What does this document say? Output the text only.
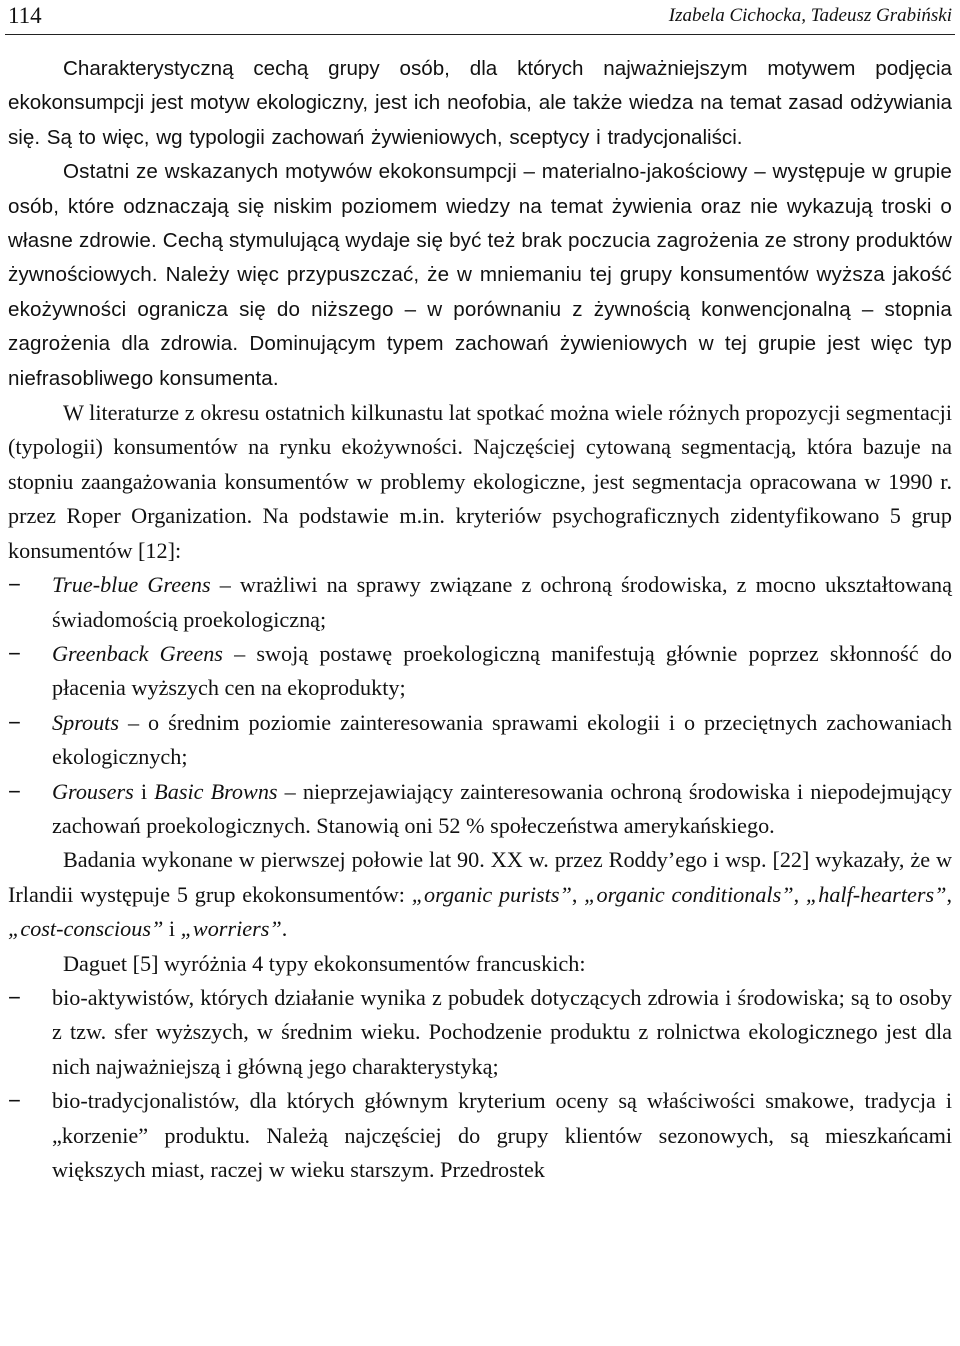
114	Izabela Cichocka, Tadeusz Grabiński

Charakterystyczną cechą grupy osób, dla których najważniejszym motywem podjęcia ekokonsumpcji jest motyw ekologiczny, jest ich neofobia, ale także wiedza na temat zasad odżywiania się. Są to więc, wg typologii zachowań żywieniowych, sceptycy i tradycjonaliści.

Ostatni ze wskazanych motywów ekokonsumpcji – materialno-jakościowy – występuje w grupie osób, które odznaczają się niskim poziomem wiedzy na temat żywienia oraz nie wykazują troski o własne zdrowie. Cechą stymulującą wydaje się być też brak poczucia zagrożenia ze strony produktów żywnościowych. Należy więc przypuszczać, że w mniemaniu tej grupy konsumentów wyższa jakość ekożywności ogranicza się do niższego – w porównaniu z żywnością konwencjonalną – stopnia zagrożenia dla zdrowia. Dominującym typem zachowań żywieniowych w tej grupie jest więc typ niefrasobliwego konsumenta.

W literaturze z okresu ostatnich kilkunastu lat spotkać można wiele różnych propozycji segmentacji (typologii) konsumentów na rynku ekożywności. Najczęściej cytowaną segmentacją, która bazuje na stopniu zaangażowania konsumentów w problemy ekologiczne, jest segmentacja opracowana w 1990 r. przez Roper Organization. Na podstawie m.in. kryteriów psychograficznych zidentyfikowano 5 grup konsumentów [12]:

− True-blue Greens – wrażliwi na sprawy związane z ochroną środowiska, z mocno ukształtowaną świadomością proekologiczną;
− Greenback Greens – swoją postawę proekologiczną manifestują głównie poprzez skłonność do płacenia wyższych cen na ekoprodukty;
− Sprouts – o średnim poziomie zainteresowania sprawami ekologii i o przeciętnych zachowaniach ekologicznych;
− Grousers i Basic Browns – nieprzejawiający zainteresowania ochroną środowiska i niepodejmujący zachowań proekologicznych. Stanowią oni 52 % społeczeństwa amerykańskiego.

Badania wykonane w pierwszej połowie lat 90. XX w. przez Roddy’ego i wsp. [22] wykazały, że w Irlandii występuje 5 grup ekokonsumentów: „organic purists”, „organic conditionals”, „half-hearters”, „cost-conscious” i „worriers”.

Daguet [5] wyróżnia 4 typy ekokonsumentów francuskich:

− bio-aktywistów, których działanie wynika z pobudek dotyczących zdrowia i środowiska; są to osoby z tzw. sfer wyższych, w średnim wieku. Pochodzenie produktu z rolnictwa ekologicznego jest dla nich najważniejszą i główną jego charakterystyką;
− bio-tradycjonalistów, dla których głównym kryterium oceny są właściwości smakowe, tradycja i „korzenie” produktu. Należą najczęściej do grupy klientów sezonowych, są mieszkańcami większych miast, raczej w wieku starszym. Przedrostek
